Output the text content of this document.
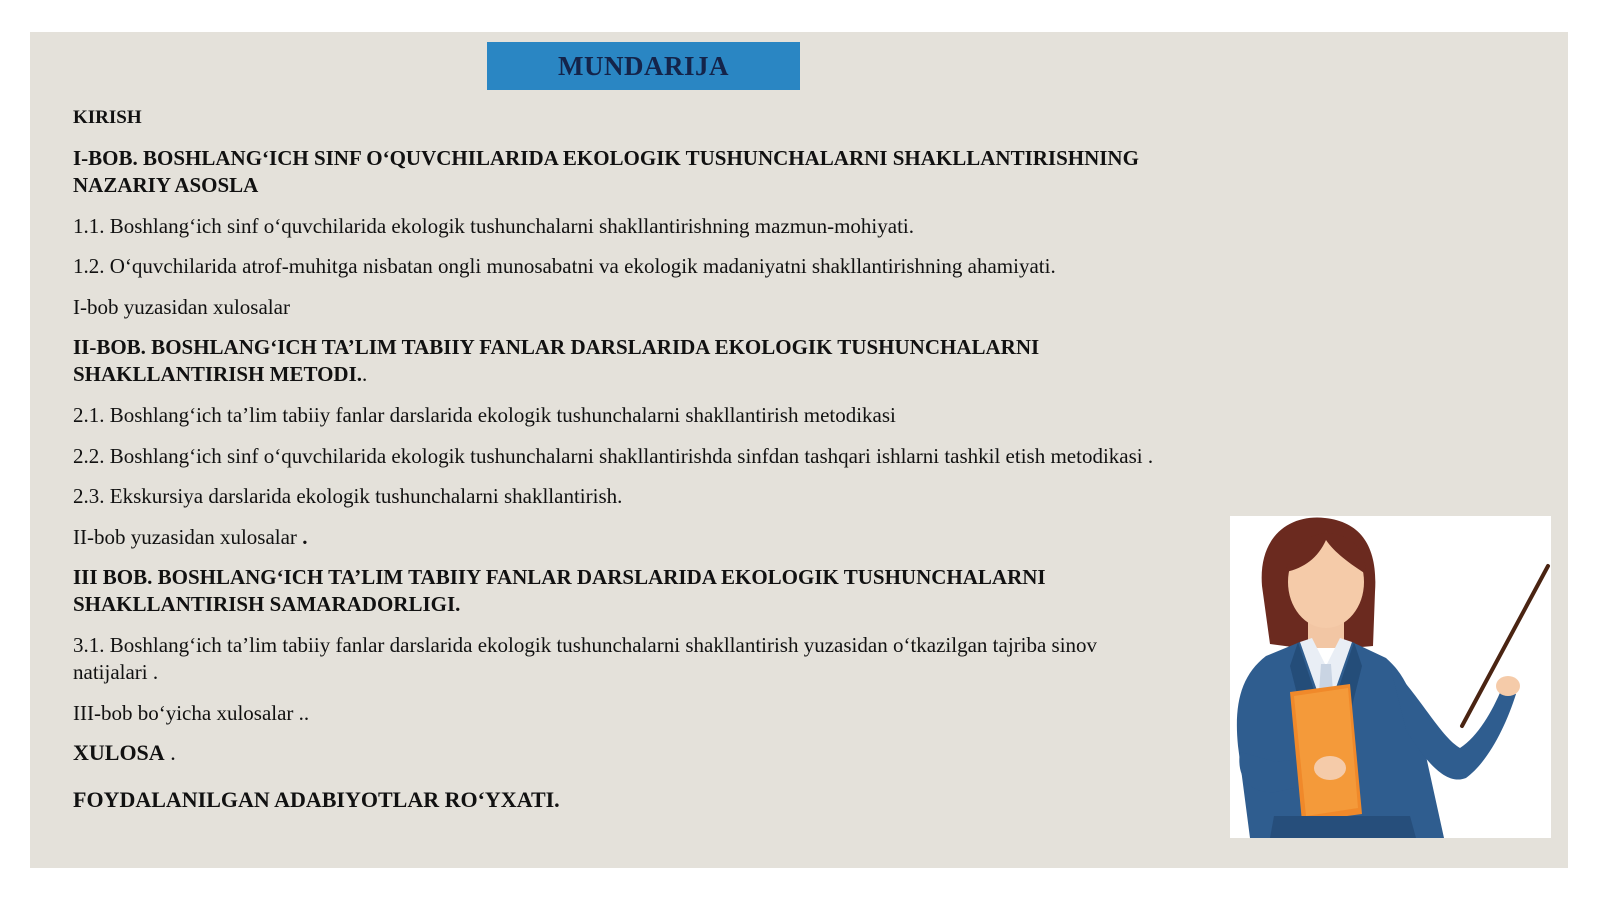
MUNDARIJA
KIRISH
I-BOB. BOSHLANG‘ICH SINF O‘QUVCHILARIDA EKOLOGIK TUSHUNCHALARNI SHAKLLANTIRISHNING
NAZARIY ASOSLA
1.1. Boshlang‘ich sinf o‘quvchilarida ekologik tushunchalarni shakllantirishning mazmun-mohiyati.
1.2. O‘quvchilarida atrof-muhitga nisbatan ongli munosabatni va ekologik madaniyatni shakllantirishning ahamiyati.
I-bob yuzasidan xulosalar
II-BOB. BOSHLANG‘ICH TA’LIM TABIIY FANLAR DARSLARIDA EKOLOGIK TUSHUNCHALARNI
SHAKLLANTIRISH METODI..
2.1. Boshlang‘ich ta’lim tabiiy fanlar darslarida ekologik tushunchalarni shakllantirish metodikasi
2.2. Boshlang‘ich sinf o‘quvchilarida ekologik tushunchalarni shakllantirishda sinfdan tashqari ishlarni tashkil etish metodikasi .
2.3. Ekskursiya darslarida ekologik tushunchalarni shakllantirish.
II-bob yuzasidan xulosalar .
III BOB. BOSHLANG‘ICH TA’LIM TABIIY FANLAR DARSLARIDA EKOLOGIK TUSHUNCHALARNI
SHAKLLANTIRISH SAMARADORLIGI.
3.1. Boshlang‘ich ta’lim tabiiy fanlar darslarida ekologik tushunchalarni shakllantirish yuzasidan o‘tkazilgan tajriba sinov
natijalari .
III-bob bo‘yicha xulosalar ..
XULOSA .
FOYDALANILGAN ADABIYOTLAR RO‘YXATI.
